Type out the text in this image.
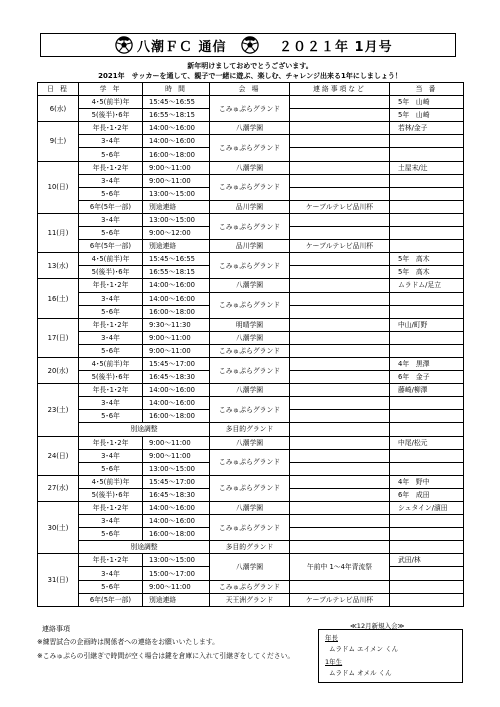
八潮ＦＣ 通信	２０２１年 1月号
新年明けましておめでとうございます。
2021年　サッカーを通して、親子で一緒に遊ぶ、楽しむ、チャレンジ出来る1年にしましょう！
日 程	学 年	時 間	会 場	連絡事項など	当 番
6(水)	4･5(前半)年	15:45〜16:55	こみゅぷらグランド		5年　山崎
	5(後半)･6年	16:55〜18:15			5年　山崎
9(土)	年長･1･2年	14:00〜16:00	八潮学園		若林/金子
	3･4年	14:00〜16:00	こみゅぷらグランド		
	5･6年	16:00〜18:00			
10(日)	年長･1･2年	9:00〜11:00	八潮学園		土屋末/辻
	3･4年	9:00〜11:00	こみゅぷらグランド		
	5･6年	13:00〜15:00			
	6年(5年一部)	別途連絡	品川学園	ケーブルテレビ品川杯	
11(月)	3･4年	13:00〜15:00	こみゅぷらグランド		
	5･6年	9:00〜12:00			
	6年(5年一部)	別途連絡	品川学園	ケーブルテレビ品川杯	
13(水)	4･5(前半)年	15:45〜16:55	こみゅぷらグランド		5年　高木
	5(後半)･6年	16:55〜18:15			5年　高木
16(土)	年長･1･2年	14:00〜16:00	八潮学園		ムラドム/足立
	3･4年	14:00〜16:00	こみゅぷらグランド		
	5･6年	16:00〜18:00			
17(日)	年長･1･2年	9:30〜11:30	明晴学園		中山/町野
	3･4年	9:00〜11:00	八潮学園		
	5･6年	9:00〜11:00	こみゅぷらグランド		
20(水)	4･5(前半)年	15:45〜17:00	こみゅぷらグランド		4年　黒澤
	5(後半)･6年	16:45〜18:30			6年　金子
23(土)	年長･1･2年	14:00〜16:00	八潮学園		藤崎/柳澤
	3･4年	14:00〜16:00	こみゅぷらグランド		
	5･6年	16:00〜18:00			
	別途調整		多目的グランド		
24(日)	年長･1･2年	9:00〜11:00	八潮学園		中尾/松元
	3･4年	9:00〜11:00	こみゅぷらグランド		
	5･6年	13:00〜15:00			
27(水)	4･5(前半)年	15:45〜17:00	こみゅぷらグランド		4年　野中
	5(後半)･6年	16:45〜18:30			6年　成田
30(土)	年長･1･2年	14:00〜16:00	八潮学園		シュタイン/濱田
	3･4年	14:00〜16:00	こみゅぷらグランド		
	5･6年	16:00〜18:00			
	別途調整		多目的グランド		
31(日)	年長･1･2年	13:00〜15:00	八潮学園	午前中 1〜4年青流祭	武田/林
	3･4年	15:00〜17:00			
	5･6年	9:00〜11:00	こみゅぷらグランド		
	6年(5年一部)	別途連絡	天王洲グランド	ケーブルテレビ品川杯	
連絡事項
※練習試合の企画時は関係者への連絡をお願いいたします。
※こみゅぷらの引継ぎで時間が空く場合は鍵を倉庫に入れて引継ぎをしてください。
≪12月新規入会≫
年長
ムラドム エイメン くん
1年生
ムラドム オメル くん
